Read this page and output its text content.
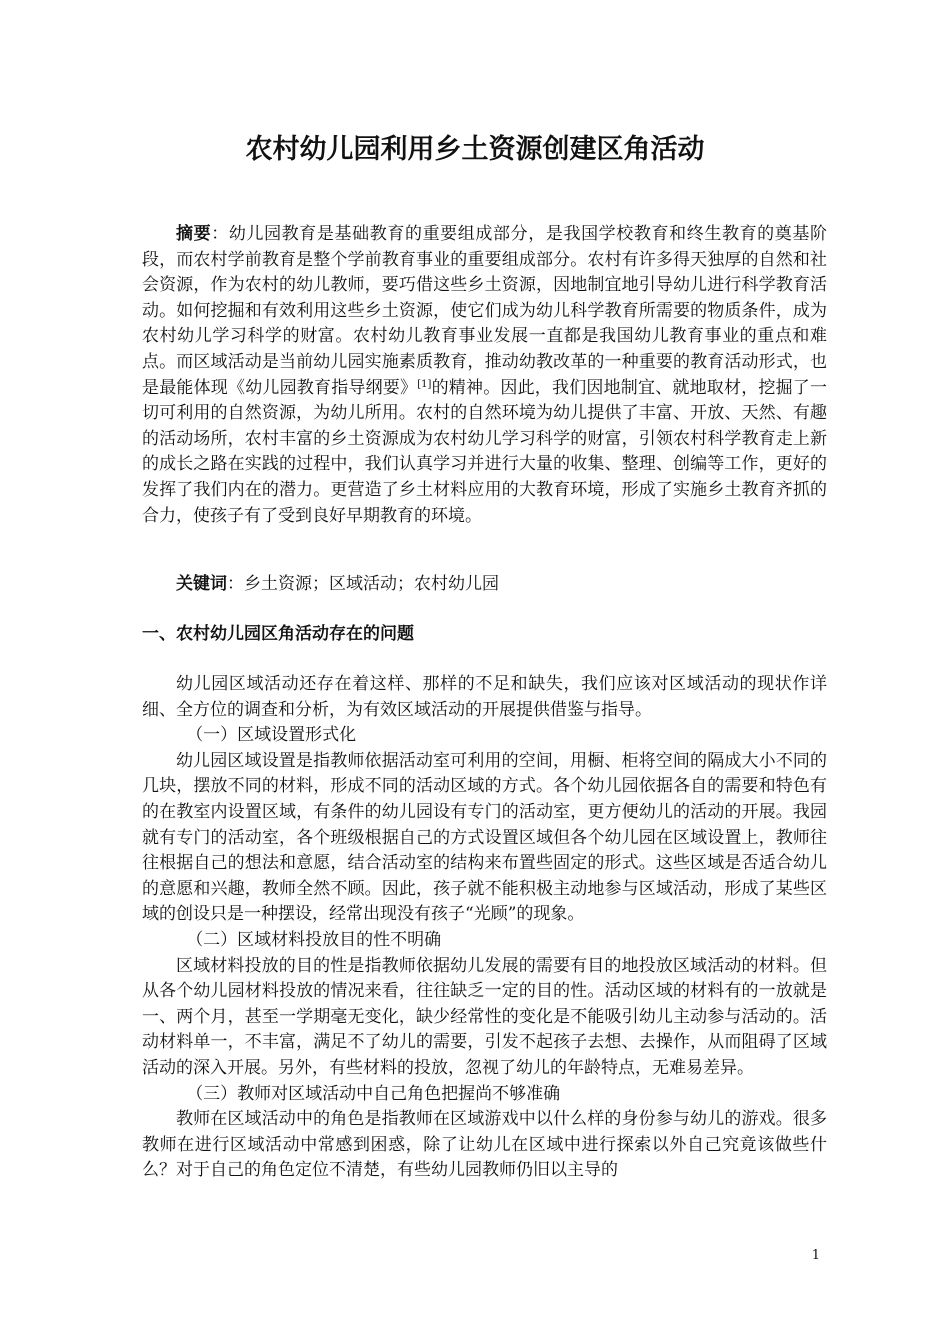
农村幼儿园利用乡土资源创建区角活动

摘要：幼儿园教育是基础教育的重要组成部分，是我国学校教育和终生教育的奠基阶段，而农村学前教育是整个学前教育事业的重要组成部分。农村有许多得天独厚的自然和社会资源，作为农村的幼儿教师，要巧借这些乡土资源，因地制宜地引导幼儿进行科学教育活动。如何挖掘和有效利用这些乡土资源，使它们成为幼儿科学教育所需要的物质条件，成为农村幼儿学习科学的财富。农村幼儿教育事业发展一直都是我国幼儿教育事业的重点和难点。而区域活动是当前幼儿园实施素质教育，推动幼教改革的一种重要的教育活动形式，也是最能体现《幼儿园教育指导纲要》[1]的精神。因此，我们因地制宜、就地取材，挖掘了一切可利用的自然资源，为幼儿所用。农村的自然环境为幼儿提供了丰富、开放、天然、有趣的活动场所，农村丰富的乡土资源成为农村幼儿学习科学的财富，引领农村科学教育走上新的成长之路在实践的过程中，我们认真学习并进行大量的收集、整理、创编等工作，更好的发挥了我们内在的潜力。更营造了乡土材料应用的大教育环境，形成了实施乡土教育齐抓的合力，使孩子有了受到良好早期教育的环境。

关键词：乡土资源；区域活动；农村幼儿园

一、农村幼儿园区角活动存在的问题

幼儿园区域活动还存在着这样、那样的不足和缺失，我们应该对区域活动的现状作详细、全方位的调查和分析，为有效区域活动的开展提供借鉴与指导。

（一）区域设置形式化

幼儿园区域设置是指教师依据活动室可利用的空间，用橱、柜将空间的隔成大小不同的几块，摆放不同的材料，形成不同的活动区域的方式。各个幼儿园依据各自的需要和特色有的在教室内设置区域，有条件的幼儿园设有专门的活动室，更方便幼儿的活动的开展。我园就有专门的活动室，各个班级根据自己的方式设置区域但各个幼儿园在区域设置上，教师往往根据自己的想法和意愿，结合活动室的结构来布置些固定的形式。这些区域是否适合幼儿的意愿和兴趣，教师全然不顾。因此，孩子就不能积极主动地参与区域活动，形成了某些区域的创设只是一种摆设，经常出现没有孩子“光顾”的现象。

（二）区域材料投放目的性不明确

区域材料投放的目的性是指教师依据幼儿发展的需要有目的地投放区域活动的材料。但从各个幼儿园材料投放的情况来看，往往缺乏一定的目的性。活动区域的材料有的一放就是一、两个月，甚至一学期毫无变化，缺少经常性的变化是不能吸引幼儿主动参与活动的。活动材料单一，不丰富，满足不了幼儿的需要，引发不起孩子去想、去操作，从而阻碍了区域活动的深入开展。另外，有些材料的投放，忽视了幼儿的年龄特点，无难易差异。

（三）教师对区域活动中自己角色把握尚不够准确

教师在区域活动中的角色是指教师在区域游戏中以什么样的身份参与幼儿的游戏。很多教师在进行区域活动中常感到困惑，除了让幼儿在区域中进行探索以外自己究竟该做些什么？对于自己的角色定位不清楚，有些幼儿园教师仍旧以主导的

1
